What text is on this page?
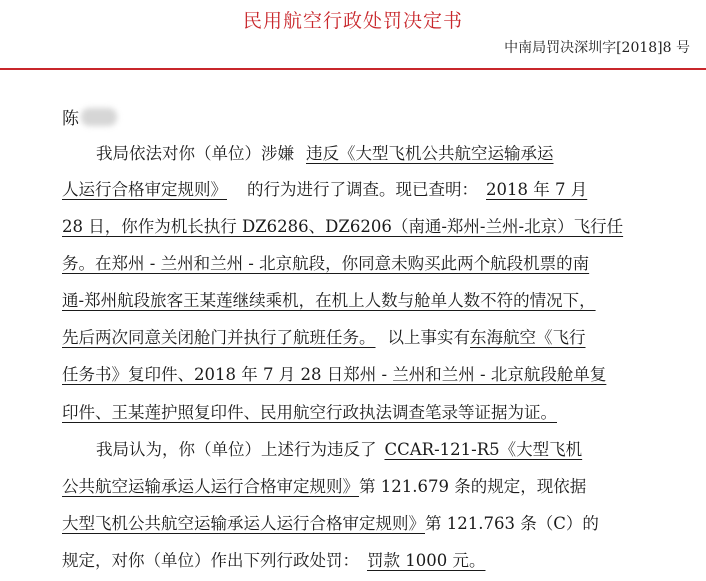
民用航空行政处罚决定书
中南局罚决深圳字[2018]8 号
陈
我局依法对你（单位）涉嫌 违反《大型飞机公共航空运输承运
人运行合格审定规则》 的行为进行了调查。现已查明： 2018 年 7 月
28 日，你作为机长执行 DZ6286、DZ6206（南通-郑州-兰州-北京）飞行任
务。在郑州 - 兰州和兰州 - 北京航段，你同意未购买此两个航段机票的南
通-郑州航段旅客王某莲继续乘机，在机上人数与舱单人数不符的情况下，
先后两次同意关闭舱门并执行了航班任务。 以上事实有东海航空《飞行
任务书》复印件、2018 年 7 月 28 日郑州 - 兰州和兰州 - 北京航段舱单复
印件、王某莲护照复印件、民用航空行政执法调查笔录等证据为证。
我局认为，你（单位）上述行为违反了 CCAR-121-R5《大型飞机
公共航空运输承运人运行合格审定规则》第 121.679 条的规定，现依据
大型飞机公共航空运输承运人运行合格审定规则》第 121.763 条（C）的
规定，对你（单位）作出下列行政处罚： 罚款 1000 元。
